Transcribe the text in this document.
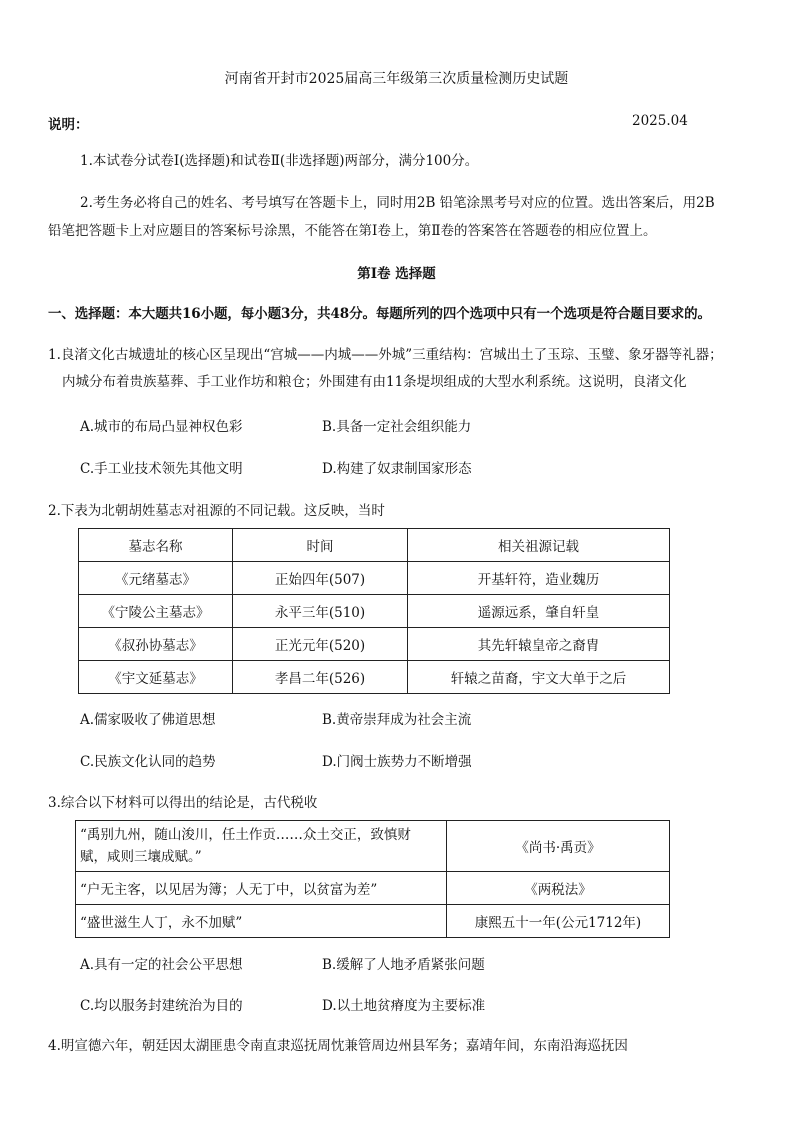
河南省开封市2025届高三年级第三次质量检测历史试题
说明：	2025.04
1.本试卷分试卷Ⅰ(选择题)和试卷Ⅱ(非选择题)两部分，满分100分。
2.考生务必将自己的姓名、考号填写在答题卡上，同时用2B 铅笔涂黑考号对应的位置。选出答案后，用2B
铅笔把答题卡上对应题目的答案标号涂黑，不能答在第Ⅰ卷上，第Ⅱ卷的答案答在答题卷的相应位置上。
第Ⅰ卷 选择题
一、选择题：本大题共16小题，每小题3分，共48分。每题所列的四个选项中只有一个选项是符合题目要求的。
1.良渚文化古城遗址的核心区呈现出“宫城——内城——外城”三重结构：宫城出土了玉琮、玉璧、象牙器等礼器；
内城分布着贵族墓葬、手工业作坊和粮仓；外围建有由11条堤坝组成的大型水利系统。这说明，良渚文化
A.城市的布局凸显神权色彩	B.具备一定社会组织能力
C.手工业技术领先其他文明	D.构建了奴隶制国家形态
2.下表为北朝胡姓墓志对祖源的不同记载。这反映，当时
墓志名称	时间	相关祖源记载
《元绪墓志》	正始四年(507)	开基轩符，造业魏历
《宁陵公主墓志》	永平三年(510)	遥源远系，肇自轩皇
《叔孙协墓志》	正光元年(520)	其先轩辕皇帝之裔胄
《宇文延墓志》	孝昌二年(526)	轩辕之苗裔，宇文大单于之后
A.儒家吸收了佛道思想	B.黄帝崇拜成为社会主流
C.民族文化认同的趋势	D.门阀士族势力不断增强
3.综合以下材料可以得出的结论是，古代税收
“禹别九州，随山浚川，任土作贡……众土交正，致慎财
赋，咸则三壤成赋。”	《尚书·禹贡》
“户无主客，以见居为簿；人无丁中，以贫富为差”	《两税法》
“盛世滋生人丁，永不加赋”	康熙五十一年(公元1712年)
A.具有一定的社会公平思想	B.缓解了人地矛盾紧张问题
C.均以服务封建统治为目的	D.以土地贫瘠度为主要标准
4.明宣德六年，朝廷因太湖匪患令南直隶巡抚周忱兼管周边州县军务；嘉靖年间，东南沿海巡抚因
